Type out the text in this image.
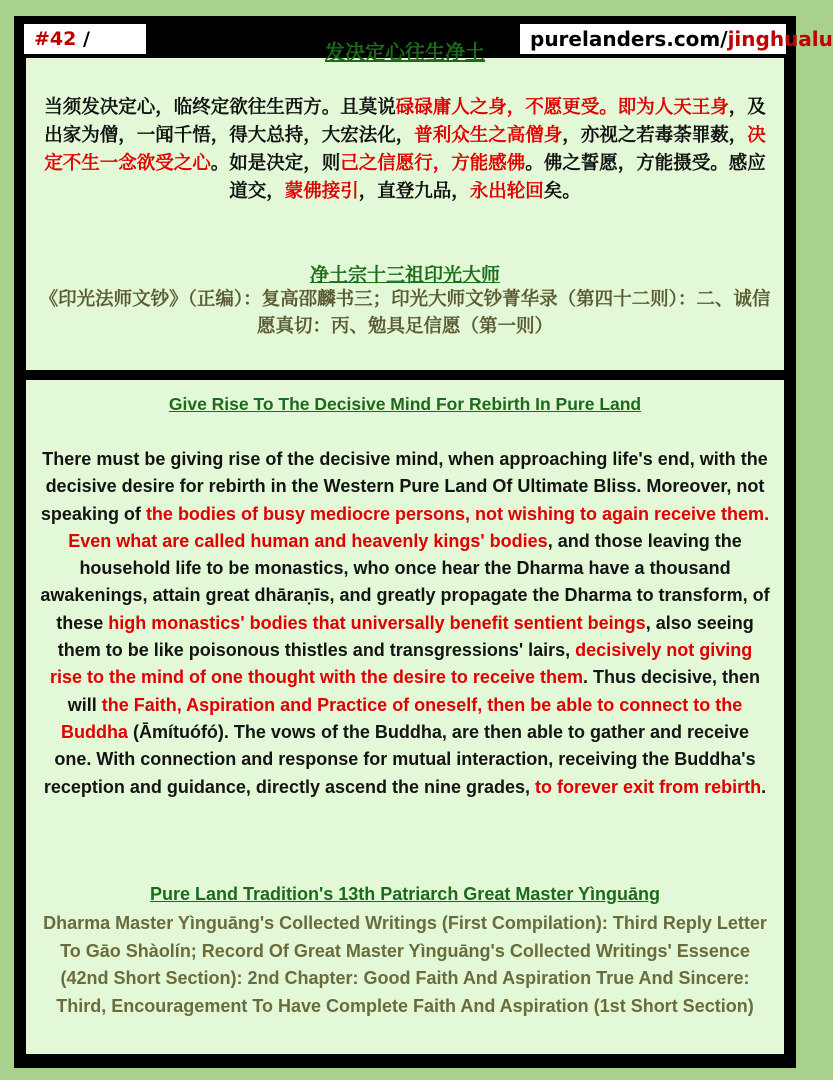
#42 /	purelanders.com/jinghualu
发决定心往生净土
当须发决定心，临终定欲往生西方。且莫说碌碌庸人之身，不愿更受。即为人天王身，及出家为僧，一闻千悟，得大总持，大宏法化，普利众生之高僧身，亦视之若毒荼罪薮，决定不生一念欲受之心。如是决定，则己之信愿行，方能感佛。佛之誓愿，方能摄受。感应道交，蒙佛接引，直登九品，永出轮回矣。
净土宗十三祖印光大师
《印光法师文钞》（正编）：复高邵麟书三；印光大师文钞菁华录（第四十二则）：二、诚信愿真切：丙、勉具足信愿（第一则）
Give Rise To The Decisive Mind For Rebirth In Pure Land
There must be giving rise of the decisive mind, when approaching life's end, with the decisive desire for rebirth in the Western Pure Land Of Ultimate Bliss. Moreover, not speaking of the bodies of busy mediocre persons, not wishing to again receive them. Even what are called human and heavenly kings' bodies, and those leaving the household life to be monastics, who once hear the Dharma have a thousand awakenings, attain great dhāraṇīs, and greatly propagate the Dharma to transform, of these high monastics' bodies that universally benefit sentient beings, also seeing them to be like poisonous thistles and transgressions' lairs, decisively not giving rise to the mind of one thought with the desire to receive them. Thus decisive, then will the Faith, Aspiration and Practice of oneself, then be able to connect to the Buddha (Āmítuófó). The vows of the Buddha, are then able to gather and receive one. With connection and response for mutual interaction, receiving the Buddha's reception and guidance, directly ascend the nine grades, to forever exit from rebirth.
Pure Land Tradition's 13th Patriarch Great Master Yìnguāng
Dharma Master Yìnguāng's Collected Writings (First Compilation): Third Reply Letter To Gāo Shàolín; Record Of Great Master Yìnguāng's Collected Writings' Essence (42nd Short Section): 2nd Chapter: Good Faith And Aspiration True And Sincere: Third, Encouragement To Have Complete Faith And Aspiration (1st Short Section)
